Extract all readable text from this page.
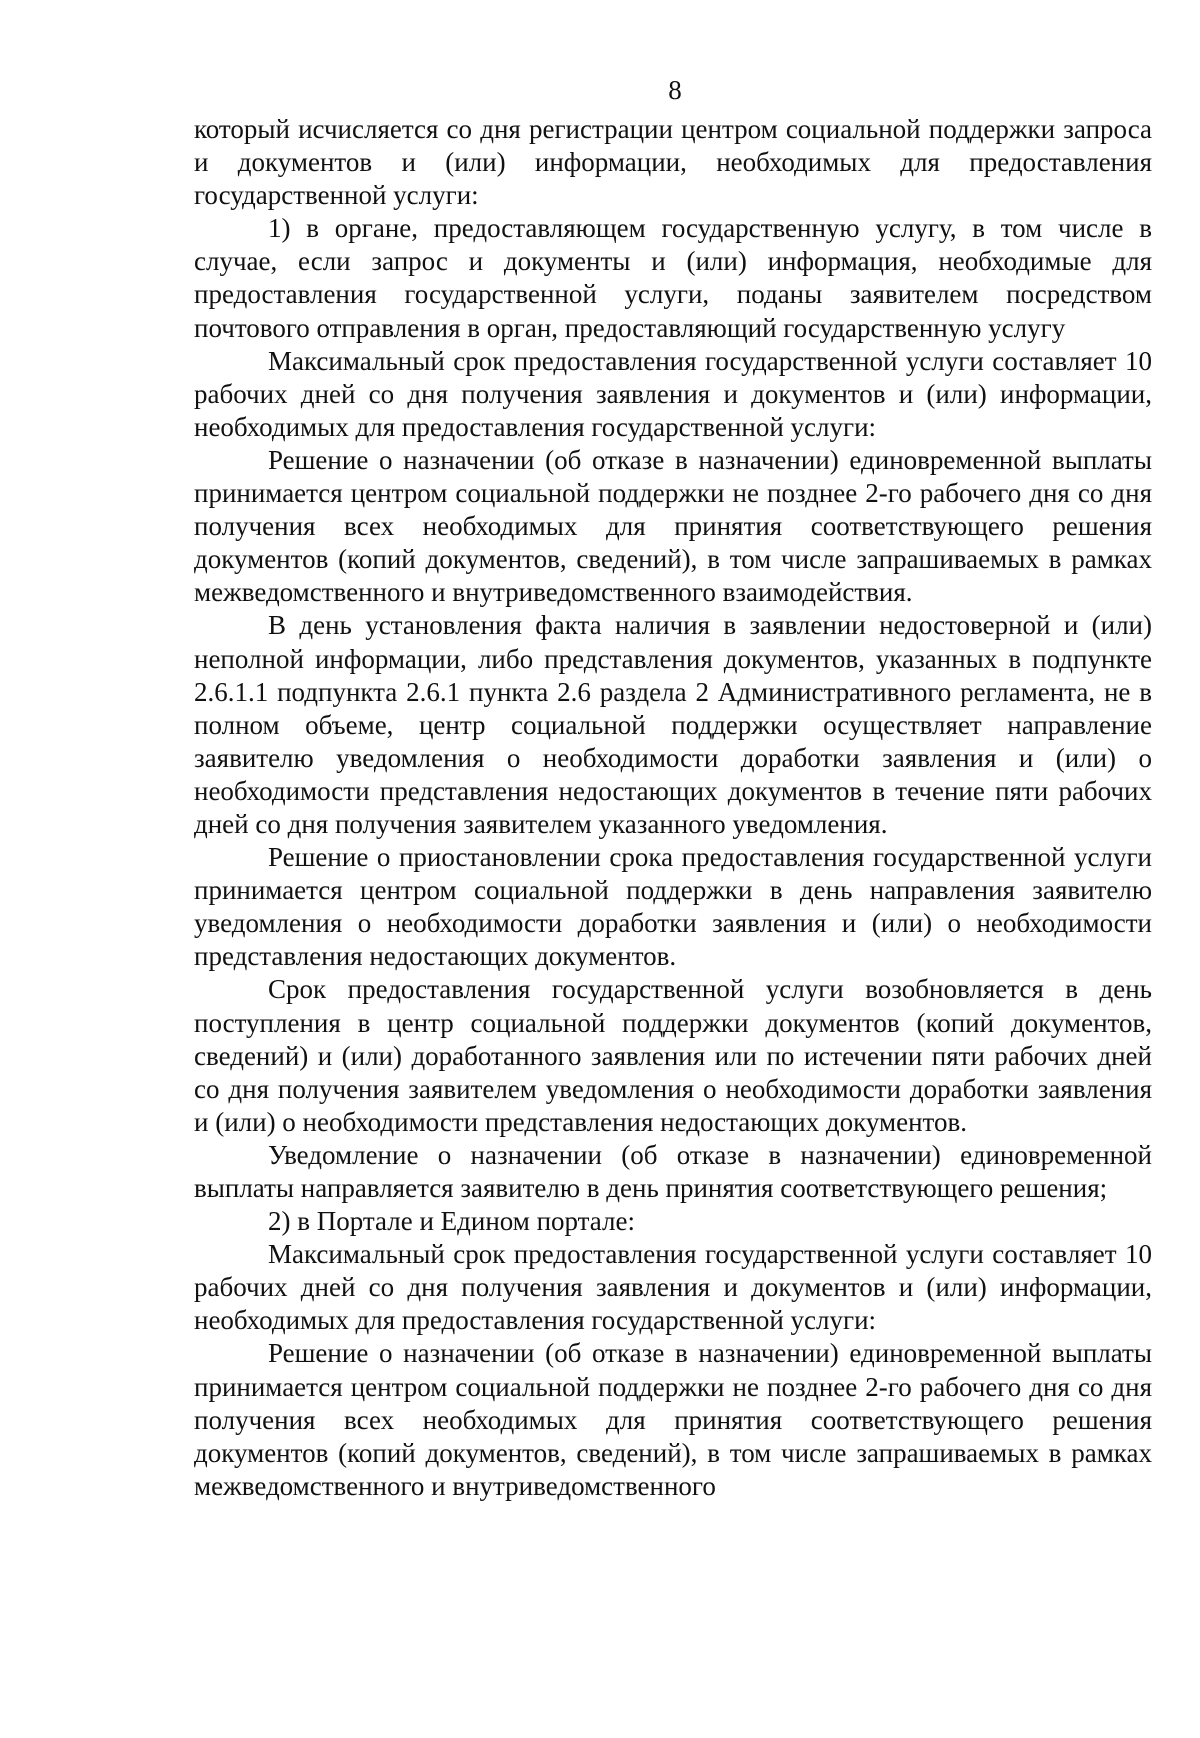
8

который исчисляется со дня регистрации центром социальной поддержки запроса и документов и (или) информации, необходимых для предоставления государственной услуги:

1) в органе, предоставляющем государственную услугу, в том числе в случае, если запрос и документы и (или) информация, необходимые для предоставления государственной услуги, поданы заявителем посредством почтового отправления в орган, предоставляющий государственную услугу

Максимальный срок предоставления государственной услуги составляет 10 рабочих дней со дня получения заявления и документов и (или) информации, необходимых для предоставления государственной услуги:

Решение о назначении (об отказе в назначении) единовременной выплаты принимается центром социальной поддержки не позднее 2-го рабочего дня со дня получения всех необходимых для принятия соответствующего решения документов (копий документов, сведений), в том числе запрашиваемых в рамках межведомственного и внутриведомственного взаимодействия.

В день установления факта наличия в заявлении недостоверной и (или) неполной информации, либо представления документов, указанных в подпункте 2.6.1.1 подпункта 2.6.1 пункта 2.6 раздела 2 Административного регламента, не в полном объеме, центр социальной поддержки осуществляет направление заявителю уведомления о необходимости доработки заявления и (или) о необходимости представления недостающих документов в течение пяти рабочих дней со дня получения заявителем указанного уведомления.

Решение о приостановлении срока предоставления государственной услуги принимается центром социальной поддержки в день направления заявителю уведомления о необходимости доработки заявления и (или) о необходимости представления недостающих документов.

Срок предоставления государственной услуги возобновляется в день поступления в центр социальной поддержки документов (копий документов, сведений) и (или) доработанного заявления или по истечении пяти рабочих дней со дня получения заявителем уведомления о необходимости доработки заявления и (или) о необходимости представления недостающих документов.

Уведомление о назначении (об отказе в назначении) единовременной выплаты направляется заявителю в день принятия соответствующего решения;

2) в Портале и Едином портале:

Максимальный срок предоставления государственной услуги составляет 10 рабочих дней со дня получения заявления и документов и (или) информации, необходимых для предоставления государственной услуги:

Решение о назначении (об отказе в назначении) единовременной выплаты принимается центром социальной поддержки не позднее 2-го рабочего дня со дня получения всех необходимых для принятия соответствующего решения документов (копий документов, сведений), в том числе запрашиваемых в рамках межведомственного и внутриведомственного
